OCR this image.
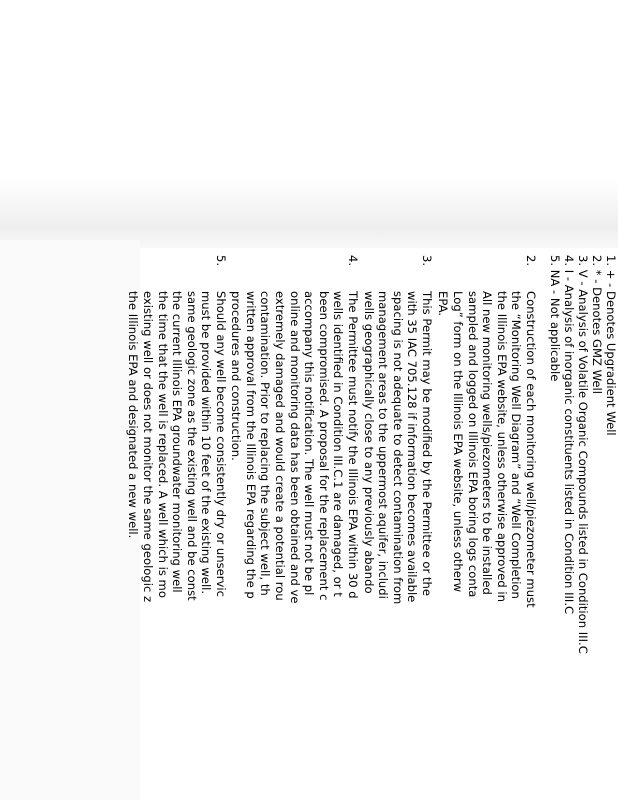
1. + - Denotes Upgradient Well
2. * - Denotes GMZ Well
3. V - Analysis of Volatile Organic Compounds listed in Condition III.C
4. I - Analysis of inorganic constituents listed in Condition III.C
5. NA - Not applicable
2.
Construction of each monitoring well/piezometer must
the “Monitoring Well Diagram” and “Well Completion
the Illinois EPA website, unless otherwise approved in
All new monitoring wells/piezometers to be installed
sampled and logged on Illinois EPA boring logs conta
Log” form on the Illinois EPA website, unless otherw
EPA.
3.
This Permit may be modified by the Permittee or the
with 35 IAC 705.128 if information becomes available
spacing is not adequate to detect contamination from
management areas to the uppermost aquifer, includi
wells geographically close to any previously abando
4.
The Permittee must notify the Illinois EPA within 30 d
wells identified in Condition III.C.1 are damaged, or t
been compromised. A proposal for the replacement c
accompany this notification. The well must not be pl
online and monitoring data has been obtained and ve
extremely damaged and would create a potential rou
contamination. Prior to replacing the subject well, th
written approval from the Illinois EPA regarding the p
procedures and construction.
5.
Should any well become consistently dry or unservic
must be provided within 10 feet of the existing well.
same geologic zone as the existing well and be const
the current Illinois EPA groundwater monitoring well
the time that the well is replaced. A well which is mo
existing well or does not monitor the same geologic z
the Illinois EPA and designated a new well.
